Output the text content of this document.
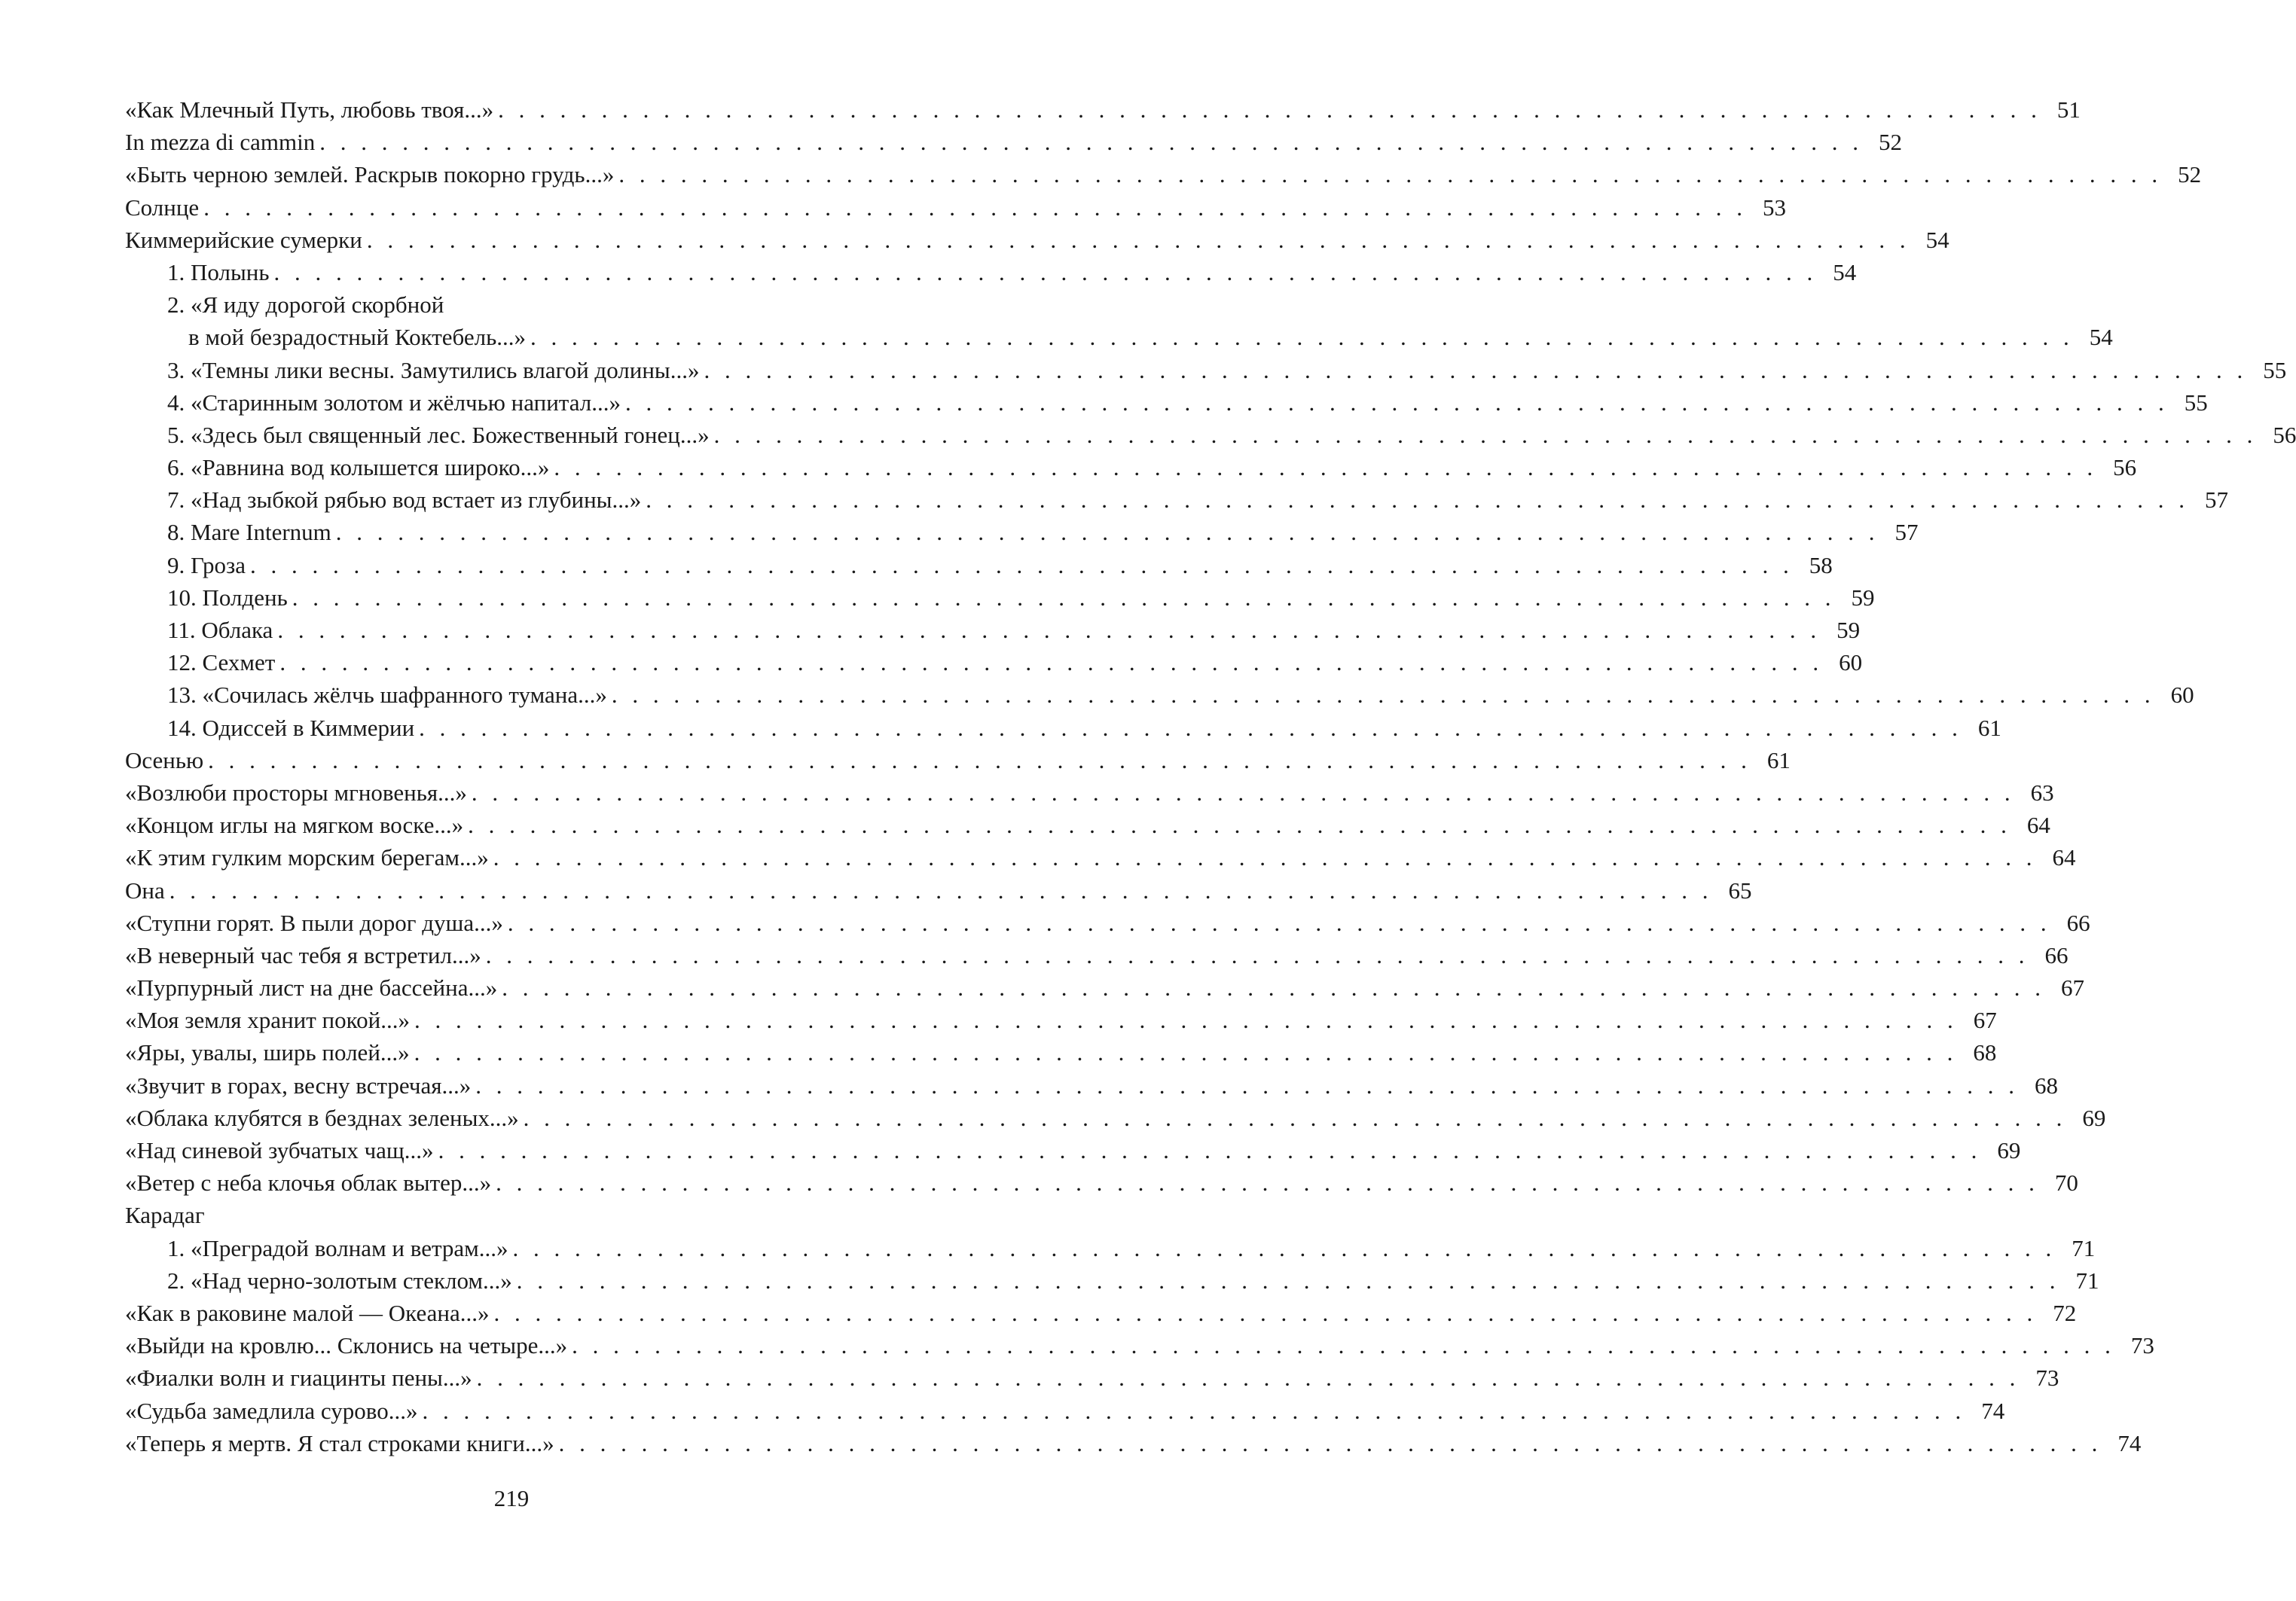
«Как Млечный Путь, любовь твоя...» . . . . . . . . . . . . . . . . . . . . . . . . . . . . . . . . . . . . . . . . . . . . . . . . . . . . . . . . . . . . . . . . . . . . . . . . . . . 51
In mezza di cammin . . . . . . . . . . . . . . . . . . . . . . . . . . . . . . . . . . . . . . . . . . . . . . . . . . . . . . . . . . . . . . . . . . . . . . . . . . . 52
«Быть черною землей. Раскрыв покорно грудь...» . . . . . . . . . . . . . . . . . . . . . . . . . . . . . . . . . . . . . . . . . . . . . . . . . . . . . . . . . . . . . . . . . . . . . . . . . . . 52
Солнце . . . . . . . . . . . . . . . . . . . . . . . . . . . . . . . . . . . . . . . . . . . . . . . . . . . . . . . . . . . . . . . . . . . . . . . . . . . 53
Киммерийские сумерки . . . . . . . . . . . . . . . . . . . . . . . . . . . . . . . . . . . . . . . . . . . . . . . . . . . . . . . . . . . . . . . . . . . . . . . . . . . 54
1. Полынь . . . . . . . . . . . . . . . . . . . . . . . . . . . . . . . . . . . . . . . . . . . . . . . . . . . . . . . . . . . . . . . . . . . . . . . . . . . 54
2. «Я иду дорогой скорбной
в мой безрадостный Коктебель...» . . . . . . . . . . . . . . . . . . . . . . . . . . . . . . . . . . . . . . . . . . . . . . . . . . . . . . . . . . . . . . . . . . . . . . . . . . . 54
3. «Темны лики весны. Замутились влагой долины...» . . . . . . . . . . . . . . . . . . . . . . . . . . . . . . . . . . . . . . . . . . . . . . . . . . . . . . . . . . . . . . . . . . . . . . . . . . . 55
4. «Старинным золотом и жёлчью напитал...» . . . . . . . . . . . . . . . . . . . . . . . . . . . . . . . . . . . . . . . . . . . . . . . . . . . . . . . . . . . . . . . . . . . . . . . . . . . 55
5. «Здесь был священный лес. Божественный гонец...» . . . . . . . . . . . . . . . . . . . . . . . . . . . . . . . . . . . . . . . . . . . . . . . . . . . . . . . . . . . . . . . . . . . . . . . . . . . 56
6. «Равнина вод колышется широко...» . . . . . . . . . . . . . . . . . . . . . . . . . . . . . . . . . . . . . . . . . . . . . . . . . . . . . . . . . . . . . . . . . . . . . . . . . . . 56
7. «Над зыбкой рябью вод встает из глубины...» . . . . . . . . . . . . . . . . . . . . . . . . . . . . . . . . . . . . . . . . . . . . . . . . . . . . . . . . . . . . . . . . . . . . . . . . . . . 57
8. Mare Internum . . . . . . . . . . . . . . . . . . . . . . . . . . . . . . . . . . . . . . . . . . . . . . . . . . . . . . . . . . . . . . . . . . . . . . . . . . . 57
9. Гроза . . . . . . . . . . . . . . . . . . . . . . . . . . . . . . . . . . . . . . . . . . . . . . . . . . . . . . . . . . . . . . . . . . . . . . . . . . . 58
10. Полдень . . . . . . . . . . . . . . . . . . . . . . . . . . . . . . . . . . . . . . . . . . . . . . . . . . . . . . . . . . . . . . . . . . . . . . . . . . . 59
11. Облака . . . . . . . . . . . . . . . . . . . . . . . . . . . . . . . . . . . . . . . . . . . . . . . . . . . . . . . . . . . . . . . . . . . . . . . . . . . 59
12. Сехмет . . . . . . . . . . . . . . . . . . . . . . . . . . . . . . . . . . . . . . . . . . . . . . . . . . . . . . . . . . . . . . . . . . . . . . . . . . . 60
13. «Сочилась жёлчь шафранного тумана...» . . . . . . . . . . . . . . . . . . . . . . . . . . . . . . . . . . . . . . . . . . . . . . . . . . . . . . . . . . . . . . . . . . . . . . . . . . . 60
14. Одиссей в Киммерии . . . . . . . . . . . . . . . . . . . . . . . . . . . . . . . . . . . . . . . . . . . . . . . . . . . . . . . . . . . . . . . . . . . . . . . . . . . 61
Осенью . . . . . . . . . . . . . . . . . . . . . . . . . . . . . . . . . . . . . . . . . . . . . . . . . . . . . . . . . . . . . . . . . . . . . . . . . . . 61
«Возлюби просторы мгновенья...» . . . . . . . . . . . . . . . . . . . . . . . . . . . . . . . . . . . . . . . . . . . . . . . . . . . . . . . . . . . . . . . . . . . . . . . . . . . 63
«Концом иглы на мягком воске...» . . . . . . . . . . . . . . . . . . . . . . . . . . . . . . . . . . . . . . . . . . . . . . . . . . . . . . . . . . . . . . . . . . . . . . . . . . . 64
«К этим гулким морским берегам...» . . . . . . . . . . . . . . . . . . . . . . . . . . . . . . . . . . . . . . . . . . . . . . . . . . . . . . . . . . . . . . . . . . . . . . . . . . . 64
Она . . . . . . . . . . . . . . . . . . . . . . . . . . . . . . . . . . . . . . . . . . . . . . . . . . . . . . . . . . . . . . . . . . . . . . . . . . . 65
«Ступни горят. В пыли дорог душа...» . . . . . . . . . . . . . . . . . . . . . . . . . . . . . . . . . . . . . . . . . . . . . . . . . . . . . . . . . . . . . . . . . . . . . . . . . . . 66
«В неверный час тебя я встретил...» . . . . . . . . . . . . . . . . . . . . . . . . . . . . . . . . . . . . . . . . . . . . . . . . . . . . . . . . . . . . . . . . . . . . . . . . . . . 66
«Пурпурный лист на дне бассейна...» . . . . . . . . . . . . . . . . . . . . . . . . . . . . . . . . . . . . . . . . . . . . . . . . . . . . . . . . . . . . . . . . . . . . . . . . . . . 67
«Моя земля хранит покой...» . . . . . . . . . . . . . . . . . . . . . . . . . . . . . . . . . . . . . . . . . . . . . . . . . . . . . . . . . . . . . . . . . . . . . . . . . . . 67
«Яры, увалы, ширь полей...» . . . . . . . . . . . . . . . . . . . . . . . . . . . . . . . . . . . . . . . . . . . . . . . . . . . . . . . . . . . . . . . . . . . . . . . . . . . 68
«Звучит в горах, весну встречая...» . . . . . . . . . . . . . . . . . . . . . . . . . . . . . . . . . . . . . . . . . . . . . . . . . . . . . . . . . . . . . . . . . . . . . . . . . . . 68
«Облака клубятся в безднах зеленых...» . . . . . . . . . . . . . . . . . . . . . . . . . . . . . . . . . . . . . . . . . . . . . . . . . . . . . . . . . . . . . . . . . . . . . . . . . . . 69
«Над синевой зубчатых чащ...» . . . . . . . . . . . . . . . . . . . . . . . . . . . . . . . . . . . . . . . . . . . . . . . . . . . . . . . . . . . . . . . . . . . . . . . . . . . 69
«Ветер с неба клочья облак вытер...» . . . . . . . . . . . . . . . . . . . . . . . . . . . . . . . . . . . . . . . . . . . . . . . . . . . . . . . . . . . . . . . . . . . . . . . . . . . 70
Карадаг
1. «Преградой волнам и ветрам...» . . . . . . . . . . . . . . . . . . . . . . . . . . . . . . . . . . . . . . . . . . . . . . . . . . . . . . . . . . . . . . . . . . . . . . . . . . . 71
2. «Над черно-золотым стеклом...» . . . . . . . . . . . . . . . . . . . . . . . . . . . . . . . . . . . . . . . . . . . . . . . . . . . . . . . . . . . . . . . . . . . . . . . . . . . 71
«Как в раковине малой — Океана...» . . . . . . . . . . . . . . . . . . . . . . . . . . . . . . . . . . . . . . . . . . . . . . . . . . . . . . . . . . . . . . . . . . . . . . . . . . . 72
«Выйди на кровлю... Склонись на четыре...» . . . . . . . . . . . . . . . . . . . . . . . . . . . . . . . . . . . . . . . . . . . . . . . . . . . . . . . . . . . . . . . . . . . . . . . . . . . 73
«Фиалки волн и гиацинты пены...» . . . . . . . . . . . . . . . . . . . . . . . . . . . . . . . . . . . . . . . . . . . . . . . . . . . . . . . . . . . . . . . . . . . . . . . . . . . 73
«Судьба замедлила сурово...» . . . . . . . . . . . . . . . . . . . . . . . . . . . . . . . . . . . . . . . . . . . . . . . . . . . . . . . . . . . . . . . . . . . . . . . . . . . 74
«Теперь я мертв. Я стал строками книги...» . . . . . . . . . . . . . . . . . . . . . . . . . . . . . . . . . . . . . . . . . . . . . . . . . . . . . . . . . . . . . . . . . . . . . . . . . . . 74
219
